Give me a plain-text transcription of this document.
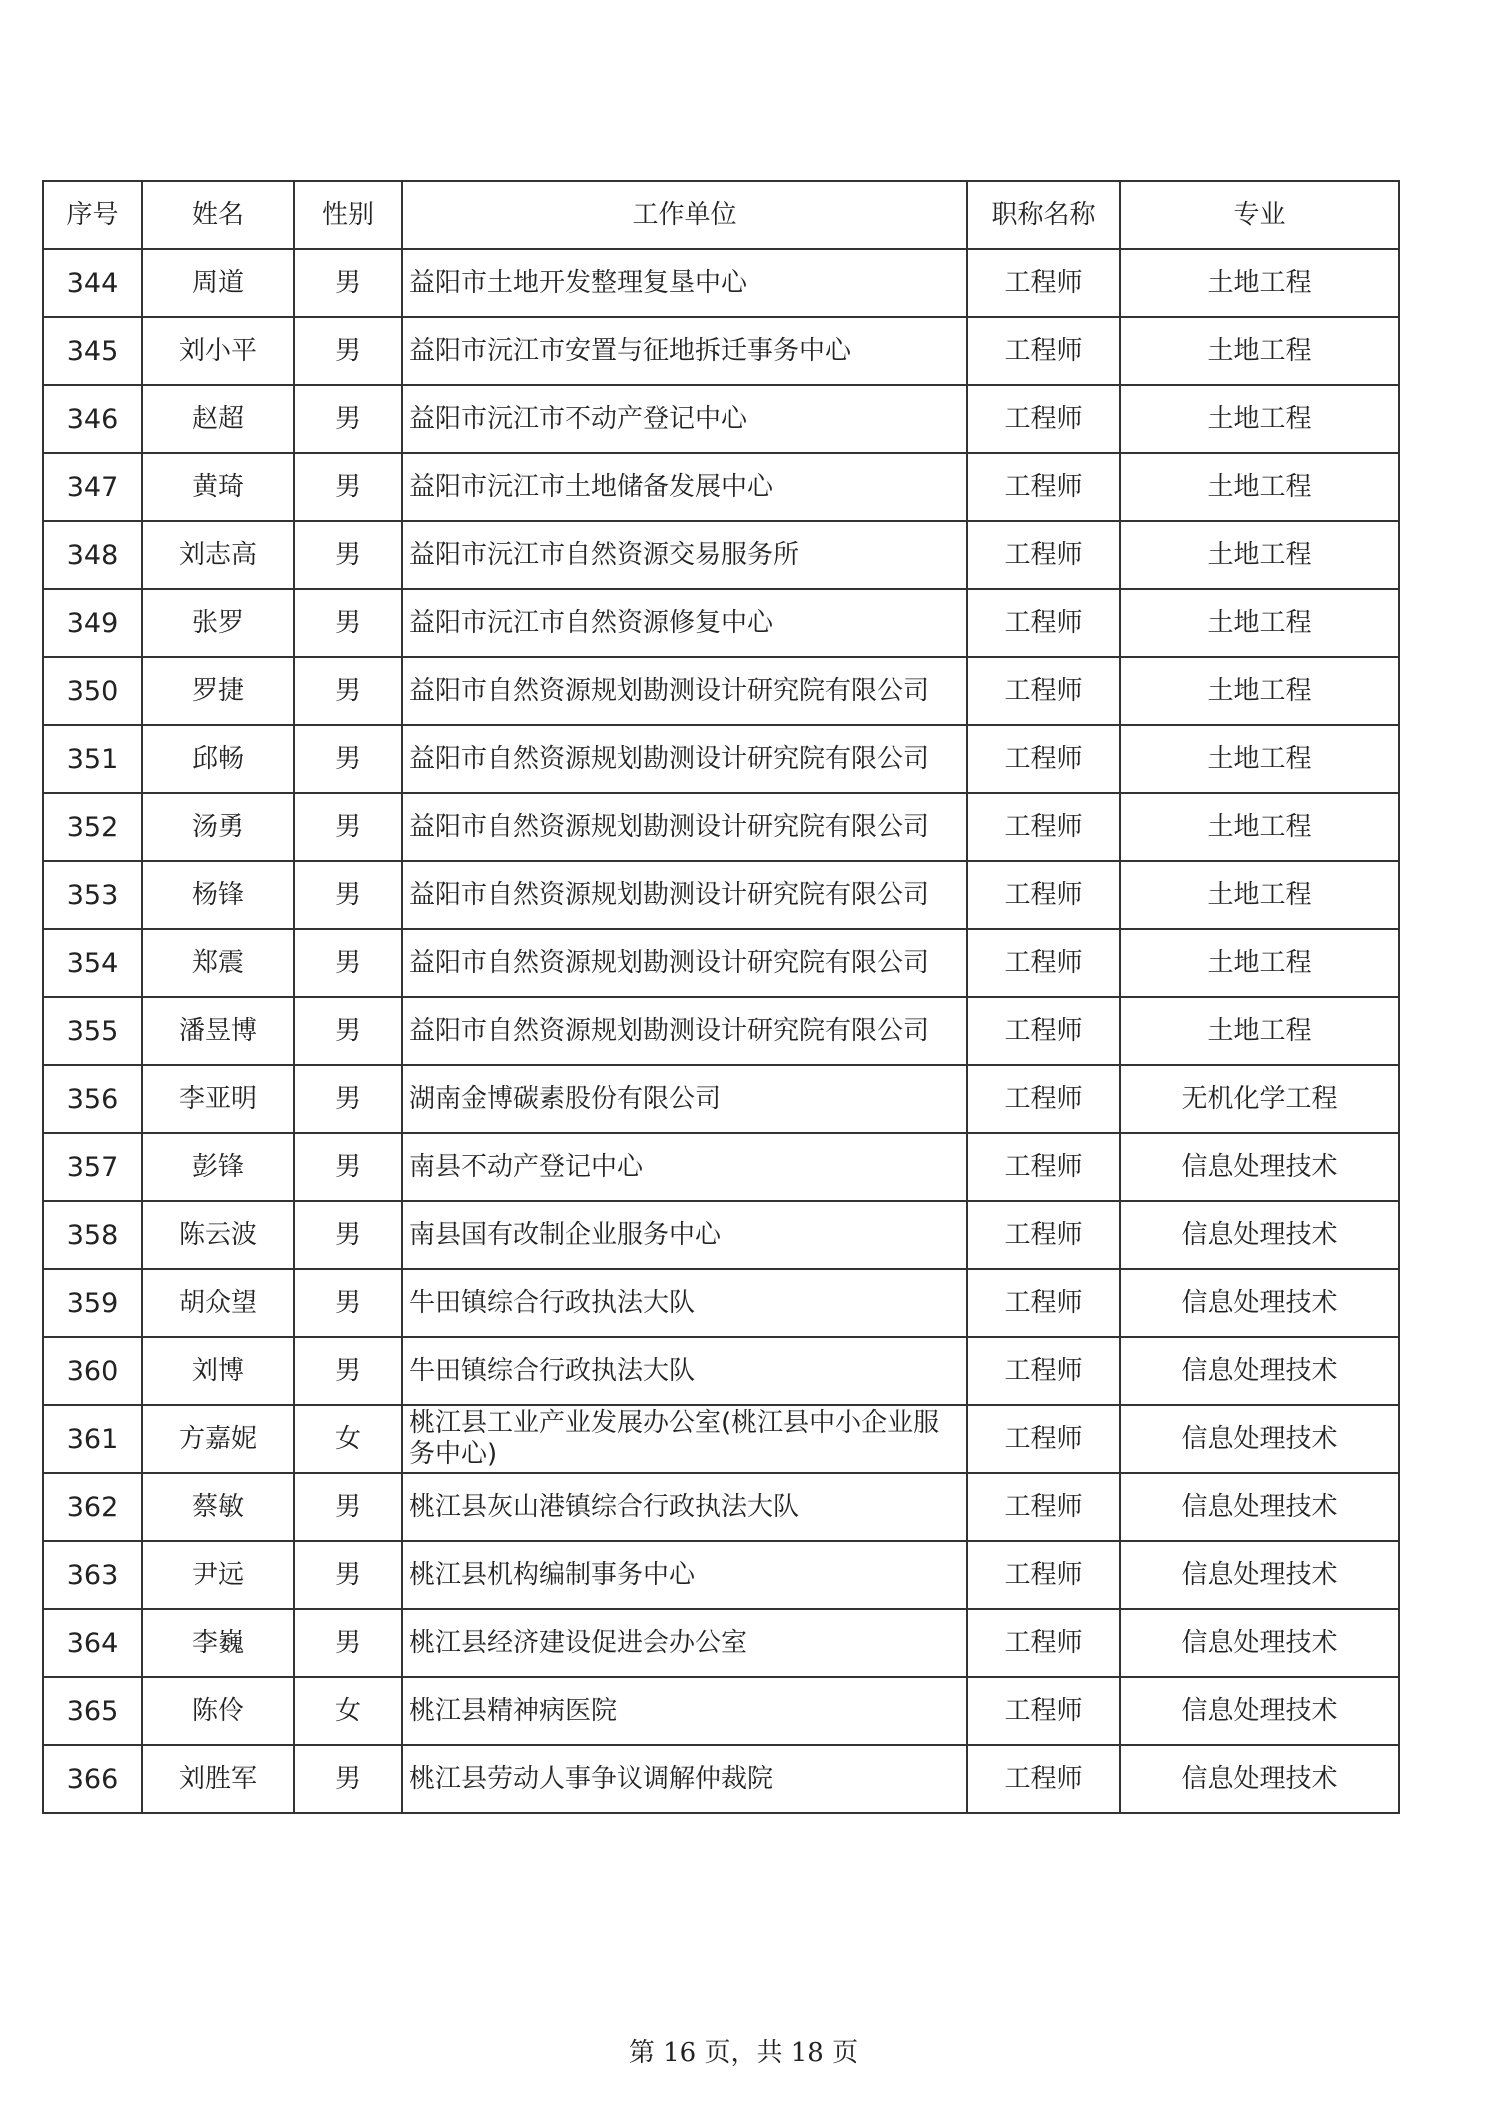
序号	姓名	性别	工作单位	职称名称	专业
344	周道	男	益阳市土地开发整理复垦中心	工程师	土地工程
345	刘小平	男	益阳市沅江市安置与征地拆迁事务中心	工程师	土地工程
346	赵超	男	益阳市沅江市不动产登记中心	工程师	土地工程
347	黄琦	男	益阳市沅江市土地储备发展中心	工程师	土地工程
348	刘志高	男	益阳市沅江市自然资源交易服务所	工程师	土地工程
349	张罗	男	益阳市沅江市自然资源修复中心	工程师	土地工程
350	罗捷	男	益阳市自然资源规划勘测设计研究院有限公司	工程师	土地工程
351	邱畅	男	益阳市自然资源规划勘测设计研究院有限公司	工程师	土地工程
352	汤勇	男	益阳市自然资源规划勘测设计研究院有限公司	工程师	土地工程
353	杨锋	男	益阳市自然资源规划勘测设计研究院有限公司	工程师	土地工程
354	郑震	男	益阳市自然资源规划勘测设计研究院有限公司	工程师	土地工程
355	潘昱博	男	益阳市自然资源规划勘测设计研究院有限公司	工程师	土地工程
356	李亚明	男	湖南金博碳素股份有限公司	工程师	无机化学工程
357	彭锋	男	南县不动产登记中心	工程师	信息处理技术
358	陈云波	男	南县国有改制企业服务中心	工程师	信息处理技术
359	胡众望	男	牛田镇综合行政执法大队	工程师	信息处理技术
360	刘博	男	牛田镇综合行政执法大队	工程师	信息处理技术
361	方嘉妮	女	桃江县工业产业发展办公室(桃江县中小企业服务中心)	工程师	信息处理技术
362	蔡敏	男	桃江县灰山港镇综合行政执法大队	工程师	信息处理技术
363	尹远	男	桃江县机构编制事务中心	工程师	信息处理技术
364	李巍	男	桃江县经济建设促进会办公室	工程师	信息处理技术
365	陈伶	女	桃江县精神病医院	工程师	信息处理技术
366	刘胜军	男	桃江县劳动人事争议调解仲裁院	工程师	信息处理技术
第 16 页，共 18 页
